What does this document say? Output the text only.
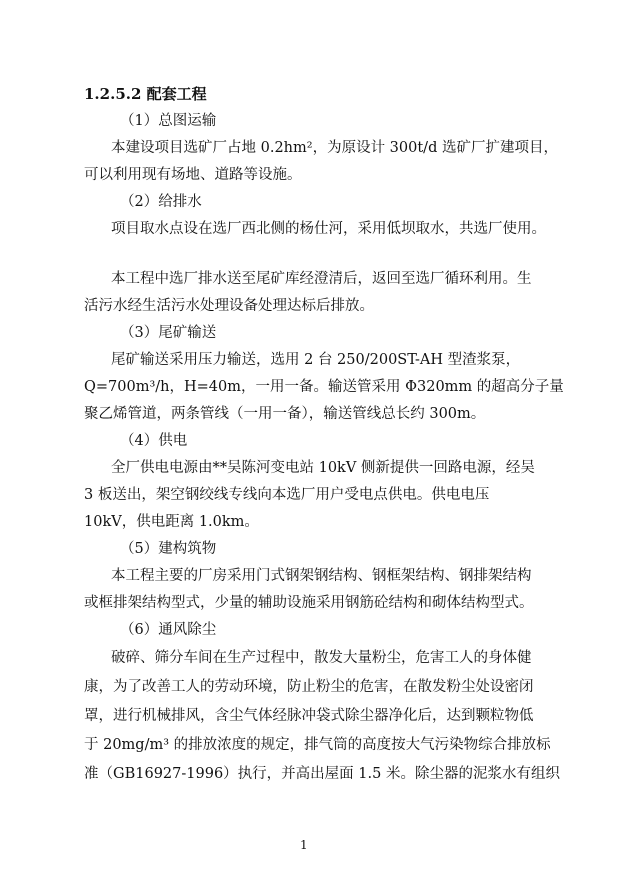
1.2.5.2 配套工程
（1）总图运输
本建设项目选矿厂占地 0.2hm²，为原设计 300t/d 选矿厂扩建项目，
可以利用现有场地、道路等设施。
（2）给排水
项目取水点设在选厂西北侧的杨仕河，采用低坝取水，共选厂使用。
本工程中选厂排水送至尾矿库经澄清后，返回至选厂循环利用。生
活污水经生活污水处理设备处理达标后排放。
（3）尾矿输送
尾矿输送采用压力输送，选用 2 台 250/200ST-AH 型渣浆泵，
Q=700m³/h，H=40m，一用一备。输送管采用 Φ320mm 的超高分子量
聚乙烯管道，两条管线（一用一备），输送管线总长约 300m。
（4）供电
全厂供电电源由**吴陈河变电站 10kV 侧新提供一回路电源，经吴
3 板送出，架空钢绞线专线向本选厂用户受电点供电。供电电压
10kV，供电距离 1.0km。
（5）建构筑物
本工程主要的厂房采用门式钢架钢结构、钢框架结构、钢排架结构
或框排架结构型式，少量的辅助设施采用钢筋砼结构和砌体结构型式。
（6）通风除尘
破碎、筛分车间在生产过程中，散发大量粉尘，危害工人的身体健
康，为了改善工人的劳动环境，防止粉尘的危害，在散发粉尘处设密闭
罩，进行机械排风，含尘气体经脉冲袋式除尘器净化后，达到颗粒物低
于 20mg/m³ 的排放浓度的规定，排气筒的高度按大气污染物综合排放标
准（GB16927-1996）执行，并高出屋面 1.5 米。除尘器的泥浆水有组织
1
